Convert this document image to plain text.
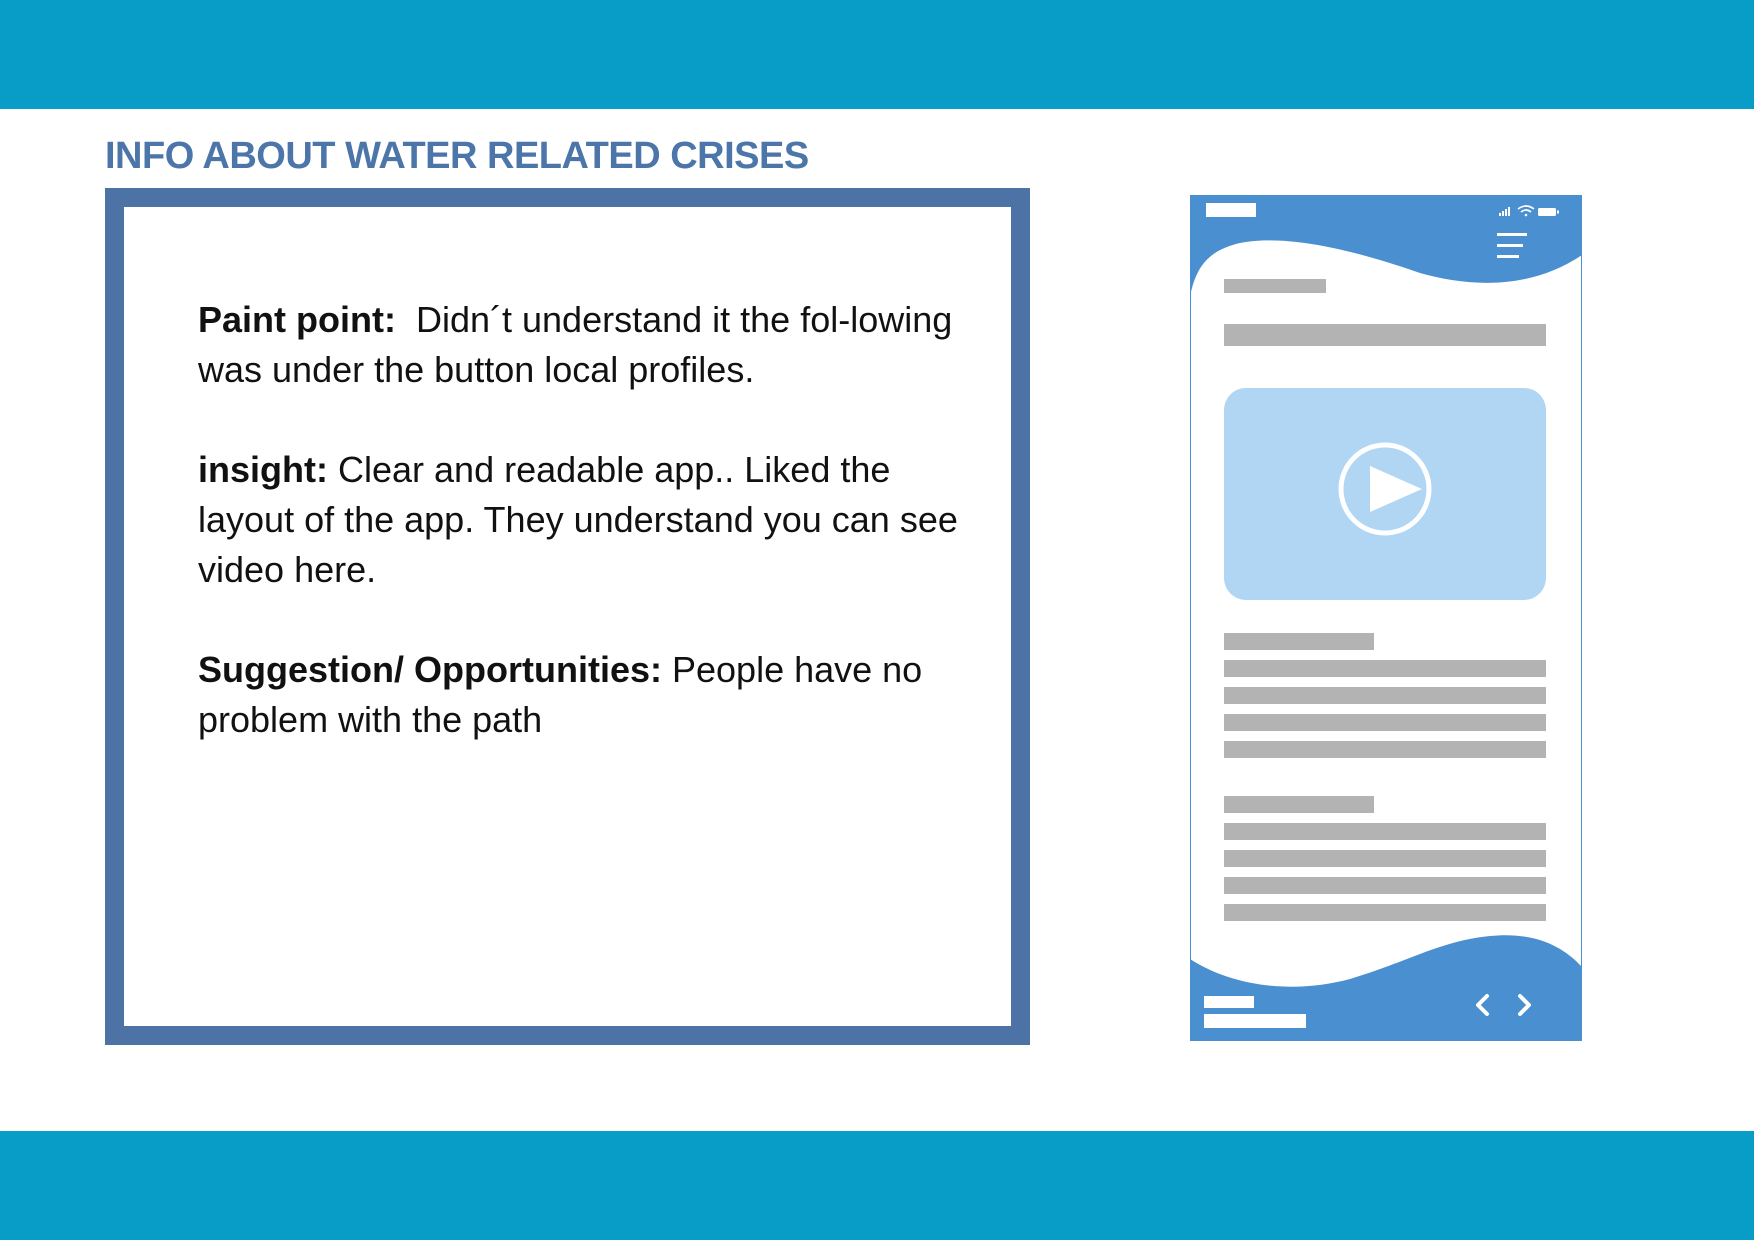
INFO ABOUT WATER RELATED CRISES

Paint point: Didn´t understand it the fol-lowing was under the button local profiles.

insight: Clear and readable app.. Liked the layout of the app. They understand you can see video here.

Suggestion/ Opportunities: People have no problem with the path
